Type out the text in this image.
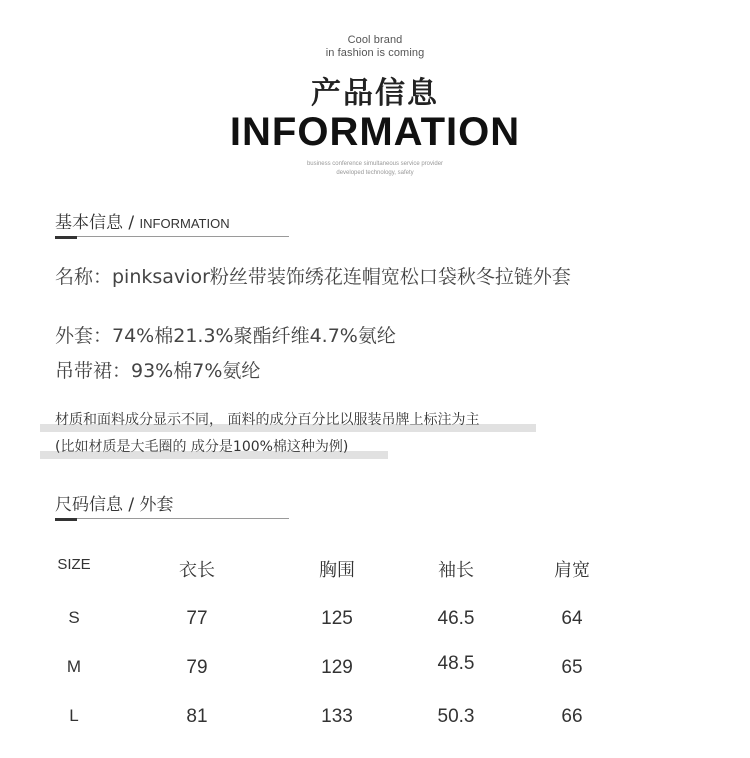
Cool brand
in fashion is coming
产品信息
INFORMATION
business conference simultaneous service provider
developed technology, safety
基本信息 / INFORMATION
名称：pinksavior粉丝带装饰绣花连帽宽松口袋秋冬拉链外套
外套：74%棉21.3%聚酯纤维4.7%氨纶
吊带裙：93%棉7%氨纶
材质和面料成分显示不同， 面料的成分百分比以服装吊牌上标注为主
(比如材质是大毛圈的 成分是100%棉这种为例)
尺码信息 / 外套
SIZE	衣长	胸围	袖长	肩宽
S	77	125	46.5	64
M	79	129	48.5	65
L	81	133	50.3	66
